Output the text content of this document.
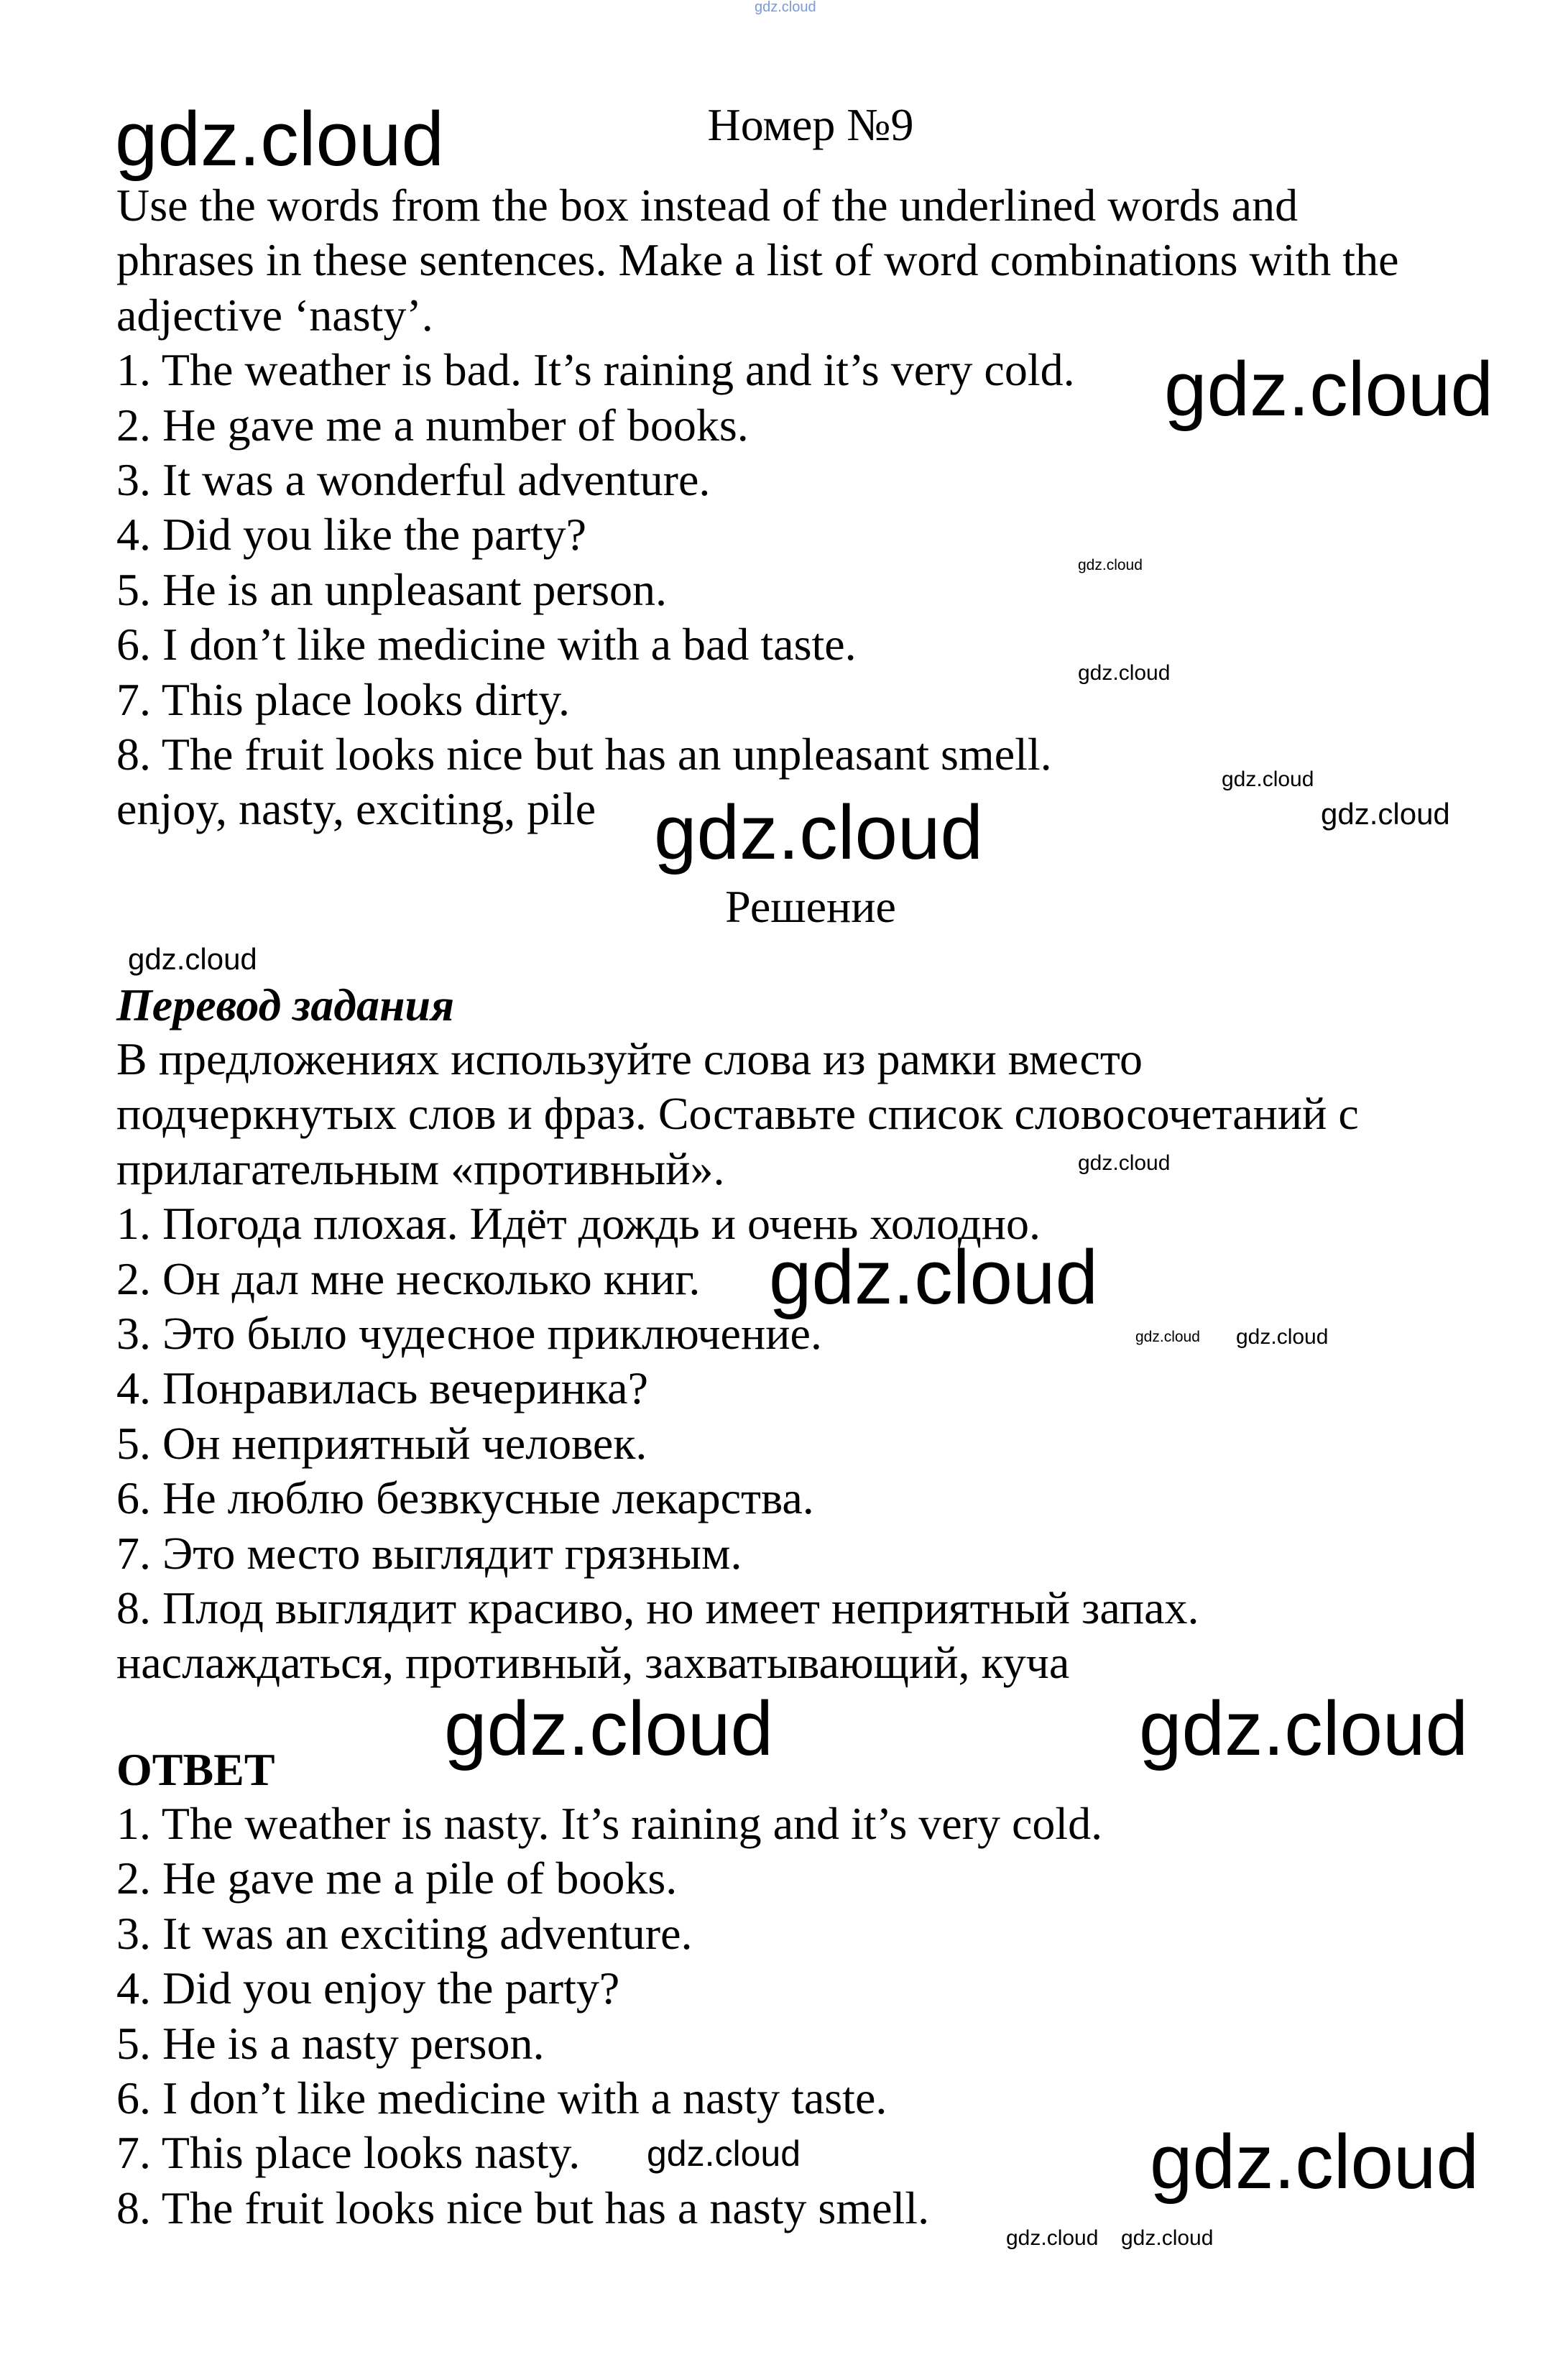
gdz.cloud
Номер №9
Use the words from the box instead of the underlined words and
phrases in these sentences. Make a list of word combinations with the
adjective ‘nasty’.
1. The weather is bad. It’s raining and it’s very cold.
2. He gave me a number of books.
3. It was a wonderful adventure.
4. Did you like the party?
5. He is an unpleasant person.
6. I don’t like medicine with a bad taste.
7. This place looks dirty.
8. The fruit looks nice but has an unpleasant smell.
enjoy, nasty, exciting, pile
Решение
Перевод задания
В предложениях используйте слова из рамки вместо
подчеркнутых слов и фраз. Составьте список словосочетаний с
прилагательным «противный».
1. Погода плохая. Идёт дождь и очень холодно.
2. Он дал мне несколько книг.
3. Это было чудесное приключение.
4. Понравилась вечеринка?
5. Он неприятный человек.
6. Не люблю безвкусные лекарства.
7. Это место выглядит грязным.
8. Плод выглядит красиво, но имеет неприятный запах.
наслаждаться, противный, захватывающий, куча
ОТВЕТ
1. The weather is nasty. It’s raining and it’s very cold.
2. He gave me a pile of books.
3. It was an exciting adventure.
4. Did you enjoy the party?
5. He is a nasty person.
6. I don’t like medicine with a nasty taste.
7. This place looks nasty.
8. The fruit looks nice but has a nasty smell.
gdz.cloud
gdz.cloud
gdz.cloud
gdz.cloud
gdz.cloud	gdz.cloud
gdz.cloud
gdz.cloud
gdz.cloud
gdz.cloud
gdz.cloud
gdz.cloud
gdz.cloud
gdz.cloud gdz.cloud
gdz.cloud
gdz.cloud gdz.cloud
